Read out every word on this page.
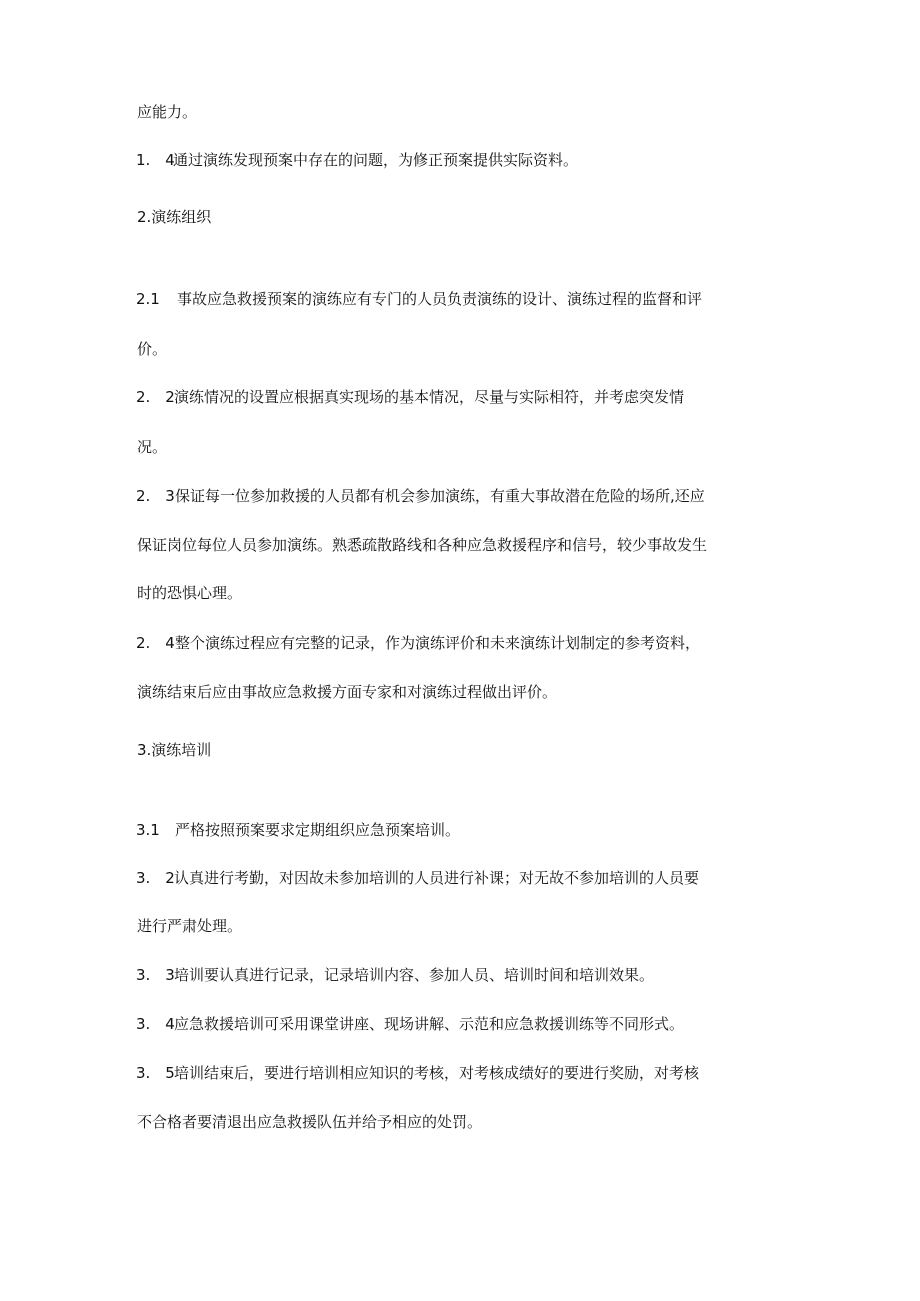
应能力。
1.　4
通过演练发现预案中存在的问题，为修正预案提供实际资料。
2.演练组织
2.1 事故应急救援预案的演练应有专门的人员负责演练的设计、演练过程的监督和评
价。
2.　2 演练情况的设置应根据真实现场的基本情况，尽量与实际相符，并考虑突发情
况。
2.　3 保证每一位参加救援的人员都有机会参加演练，有重大事故潜在危险的场所,还应
保证岗位每位人员参加演练。熟悉疏散路线和各种应急救援程序和信号，较少事故发生
时的恐惧心理。
2.　4 整个演练过程应有完整的记录，作为演练评价和未来演练计划制定的参考资料，
演练结束后应由事故应急救援方面专家和对演练过程做出评价。
3.演练培训
3.1 严格按照预案要求定期组织应急预案培训。
3.　2 认真进行考勤，对因故未参加培训的人员进行补课；对无故不参加培训的人员要
进行严肃处理。
3.　3 培训要认真进行记录，记录培训内容、参加人员、培训时间和培训效果。
3.　4 应急救援培训可采用课堂讲座、现场讲解、示范和应急救援训练等不同形式。
3.　5 培训结束后，要进行培训相应知识的考核，对考核成绩好的要进行奖励，对考核
不合格者要清退出应急救援队伍并给予相应的处罚。
